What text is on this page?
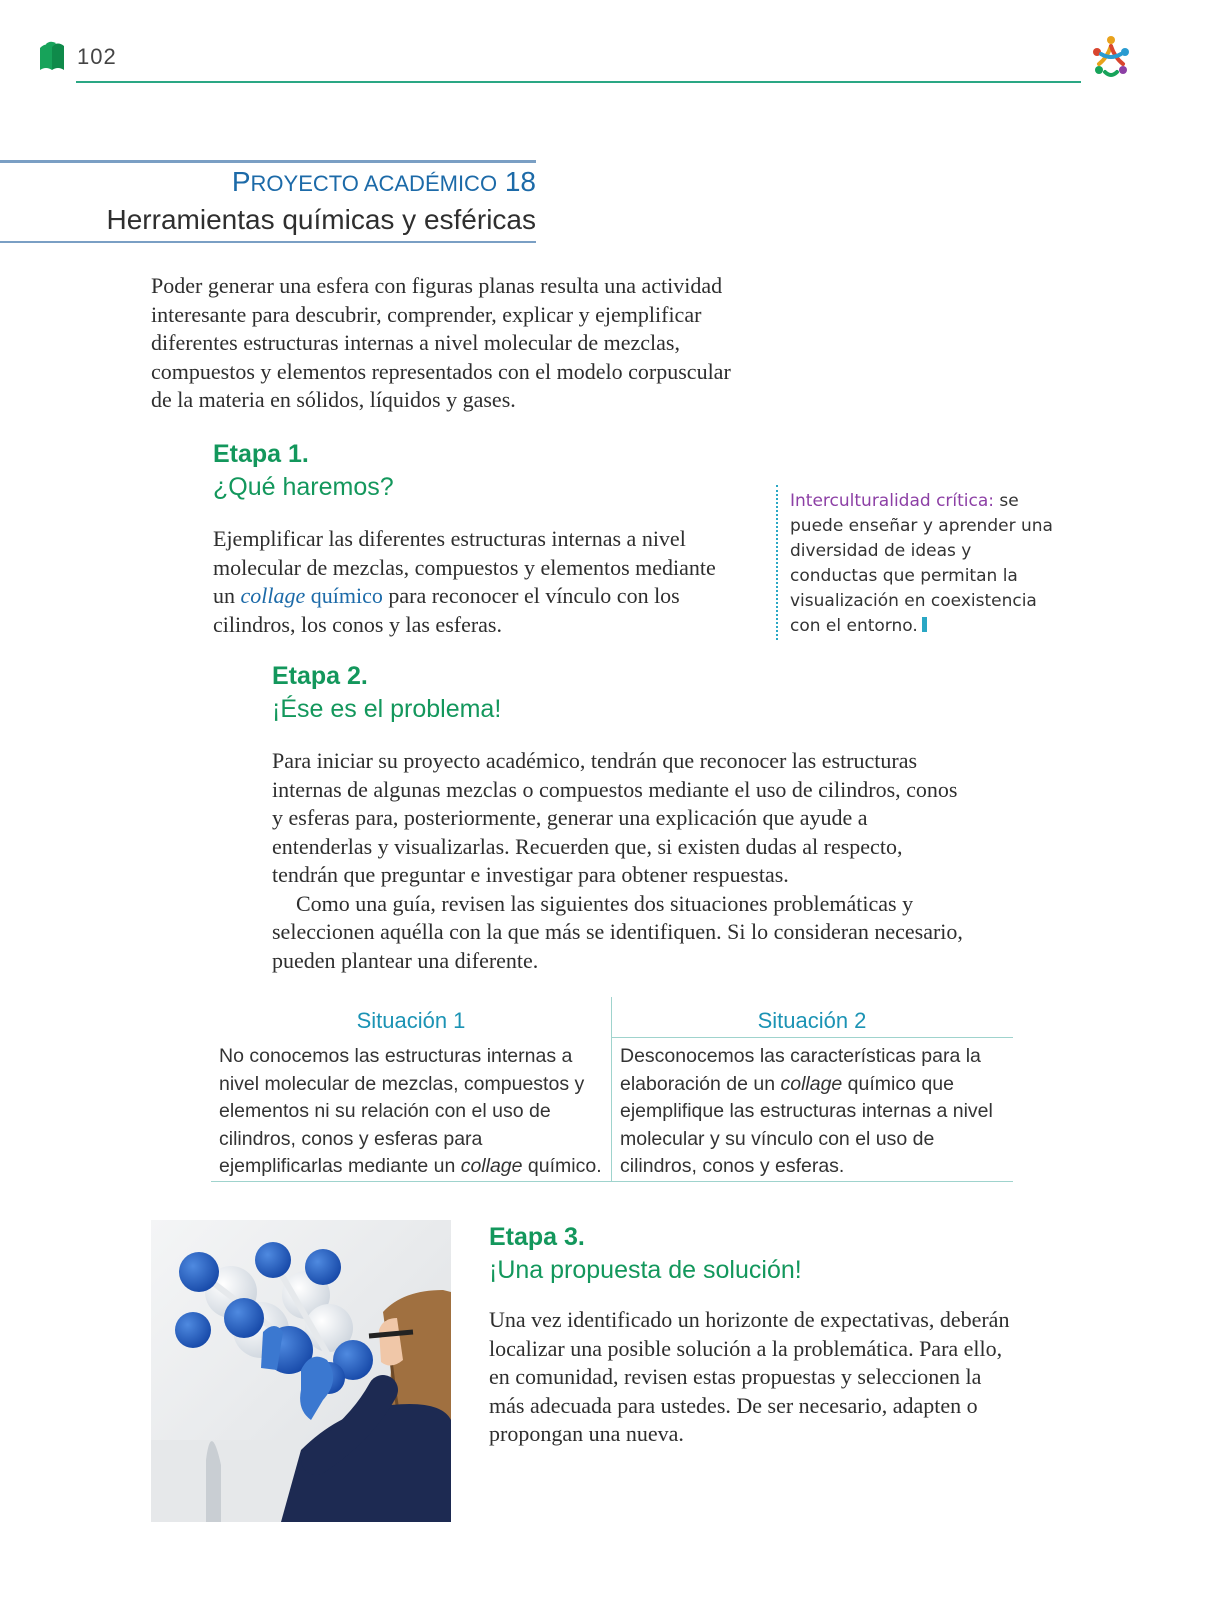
102
PROYECTO ACADÉMICO 18
Herramientas químicas y esféricas
Poder generar una esfera con figuras planas resulta una actividad interesante para descubrir, comprender, explicar y ejemplificar diferentes estructuras internas a nivel molecular de mezclas, compuestos y elementos representados con el modelo corpuscular de la materia en sólidos, líquidos y gases.
Etapa 1.
¿Qué haremos?
Ejemplificar las diferentes estructuras internas a nivel molecular de mezclas, compuestos y elementos mediante un collage químico para reconocer el vínculo con los cilindros, los conos y las esferas.
Interculturalidad crítica: se puede enseñar y aprender una diversidad de ideas y conductas que permitan la visualización en coexistencia con el entorno.
Etapa 2.
¡Ése es el problema!
Para iniciar su proyecto académico, tendrán que reconocer las estructuras internas de algunas mezclas o compuestos mediante el uso de cilindros, conos y esferas para, posteriormente, generar una explicación que ayude a entenderlas y visualizarlas. Recuerden que, si existen dudas al respecto, tendrán que preguntar e investigar para obtener respuestas.
Como una guía, revisen las siguientes dos situaciones problemáticas y seleccionen aquélla con la que más se identifiquen. Si lo consideran necesario, pueden plantear una diferente.
Situación 1	Situación 2
No conocemos las estructuras internas a nivel molecular de mezclas, compuestos y elementos ni su relación con el uso de cilindros, conos y esferas para ejemplificarlas mediante un collage químico.
Desconocemos las características para la elaboración de un collage químico que ejemplifique las estructuras internas a nivel molecular y su vínculo con el uso de cilindros, conos y esferas.
Etapa 3.
¡Una propuesta de solución!
Una vez identificado un horizonte de expectativas, deberán localizar una posible solución a la problemática. Para ello, en comunidad, revisen estas propuestas y seleccionen la más adecuada para ustedes. De ser necesario, adapten o propongan una nueva.
